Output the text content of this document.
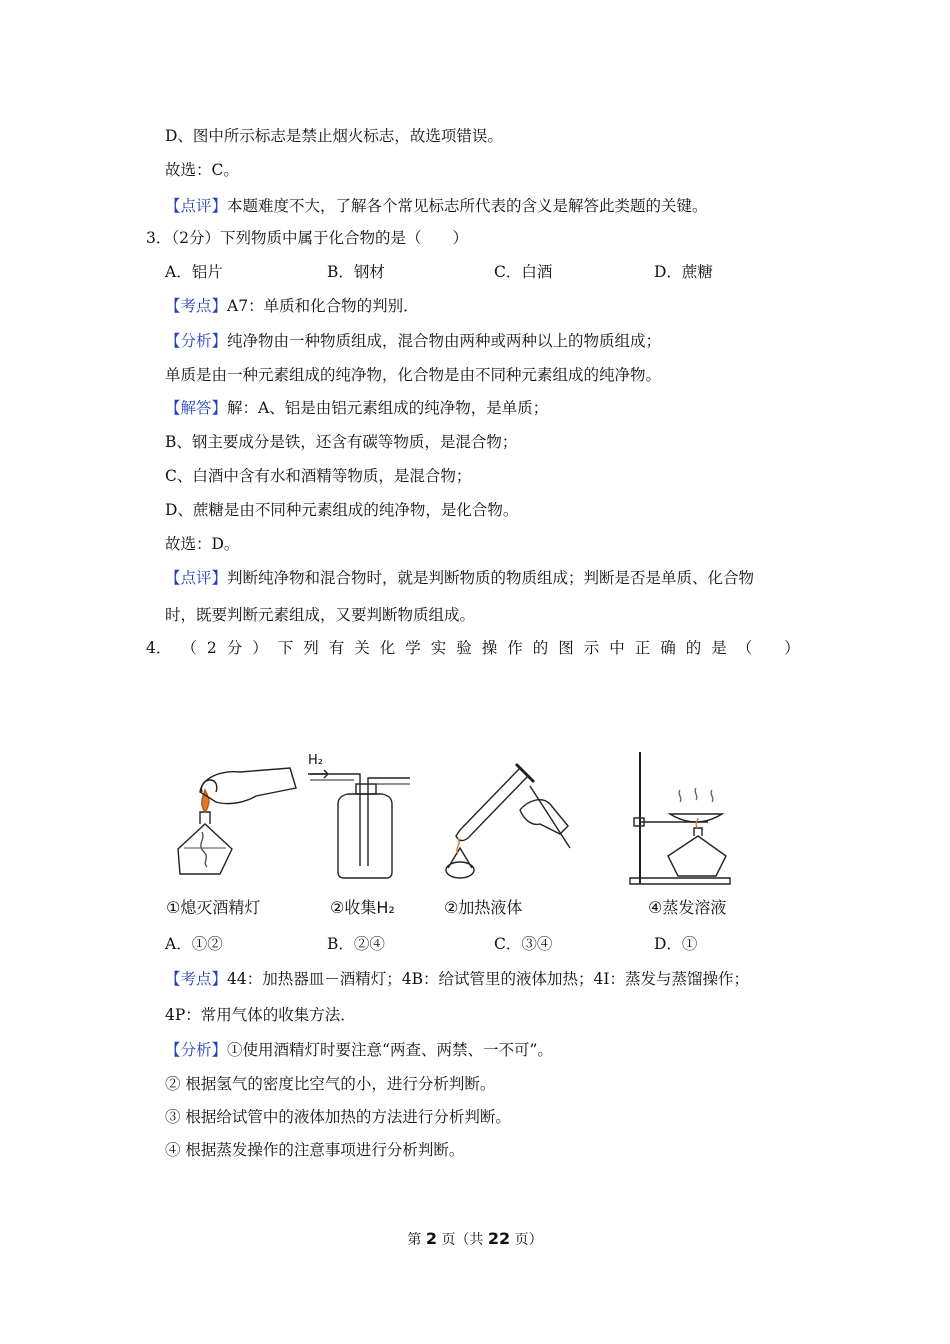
D、图中所示标志是禁止烟火标志，故选项错误。
故选：C。
【点评】本题难度不大，了解各个常见标志所代表的含义是解答此类题的关键。
3．（2分）下列物质中属于化合物的是（　　）
A．铝片	B．钢材	C．白酒	D．蔗糖
【考点】A7：单质和化合物的判别．
【分析】纯净物由一种物质组成，混合物由两种或两种以上的物质组成；
单质是由一种元素组成的纯净物，化合物是由不同种元素组成的纯净物。
【解答】解：A、铝是由铝元素组成的纯净物，是单质；
B、钢主要成分是铁，还含有碳等物质，是混合物；
C、白酒中含有水和酒精等物质，是混合物；
D、蔗糖是由不同种元素组成的纯净物，是化合物。
故选：D。
【点评】判断纯净物和混合物时，就是判断物质的物质组成；判断是否是单质、化合物
时，既要判断元素组成，又要判断物质组成。
4． （ 2 分 ） 下 列 有 关 化 学 实 验 操 作 的 图 示 中 正 确 的 是 （ ）
H₂
①熄灭酒精灯	②收集H₂	②加热液体	④蒸发溶液
A．①②	B．②④	C．③④	D．①
【考点】44：加热器皿－酒精灯；4B：给试管里的液体加热；4I：蒸发与蒸馏操作；
4P：常用气体的收集方法．
【分析】①使用酒精灯时要注意“两查、两禁、一不可”。
② 根据氢气的密度比空气的小，进行分析判断。
③ 根据给试管中的液体加热的方法进行分析判断。
④ 根据蒸发操作的注意事项进行分析判断。
第 2 页（共 22 页）
